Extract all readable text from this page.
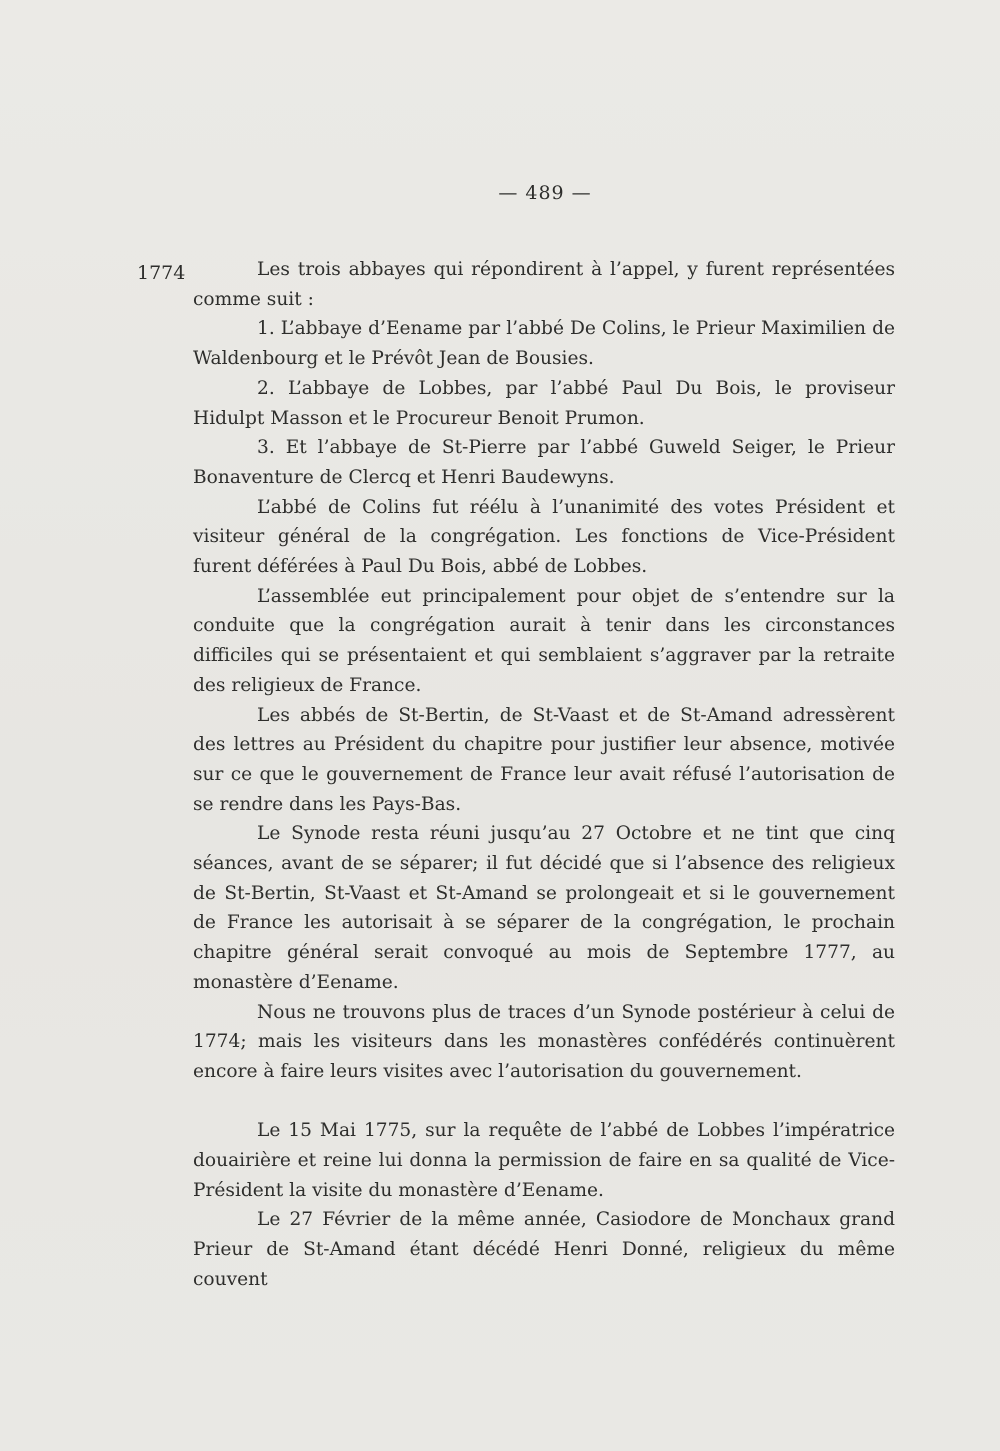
— 489 —
1774	Les trois abbayes qui répondirent à l’appel, y furent représentées comme suit :

1. L’abbaye d’Eename par l’abbé De Colins, le Prieur Maximilien de Waldenbourg et le Prévôt Jean de Bousies.

2. L’abbaye de Lobbes, par l’abbé Paul Du Bois, le proviseur Hidulpt Masson et le Procureur Benoit Prumon.

3. Et l’abbaye de St-Pierre par l’abbé Guweld Seiger, le Prieur Bonaventure de Clercq et Henri Baudewyns.

L’abbé de Colins fut réélu à l’unanimité des votes Président et visiteur général de la congrégation. Les fonctions de Vice-Président furent déférées à Paul Du Bois, abbé de Lobbes.

L’assemblée eut principalement pour objet de s’entendre sur la conduite que la congrégation aurait à tenir dans les circonstances difficiles qui se présentaient et qui semblaient s’aggraver par la retraite des religieux de France.

Les abbés de St-Bertin, de St-Vaast et de St-Amand adressèrent des lettres au Président du chapitre pour justifier leur absence, motivée sur ce que le gouvernement de France leur avait réfusé l’autorisation de se rendre dans les Pays-Bas.

Le Synode resta réuni jusqu’au 27 Octobre et ne tint que cinq séances, avant de se séparer; il fut décidé que si l’absence des religieux de St-Bertin, St-Vaast et St-Amand se prolongeait et si le gouvernement de France les autorisait à se séparer de la congrégation, le prochain chapitre général serait convoqué au mois de Septembre 1777, au monastère d’Eename.

Nous ne trouvons plus de traces d’un Synode postérieur à celui de 1774; mais les visiteurs dans les monastères confédérés continuèrent encore à faire leurs visites avec l’autorisation du gouvernement.

Le 15 Mai 1775, sur la requête de l’abbé de Lobbes l’impératrice douairière et reine lui donna la permission de faire en sa qualité de Vice-Président la visite du monastère d’Eename.

Le 27 Février de la même année, Casiodore de Monchaux grand Prieur de St-Amand étant décédé Henri Donné, religieux du même couvent
